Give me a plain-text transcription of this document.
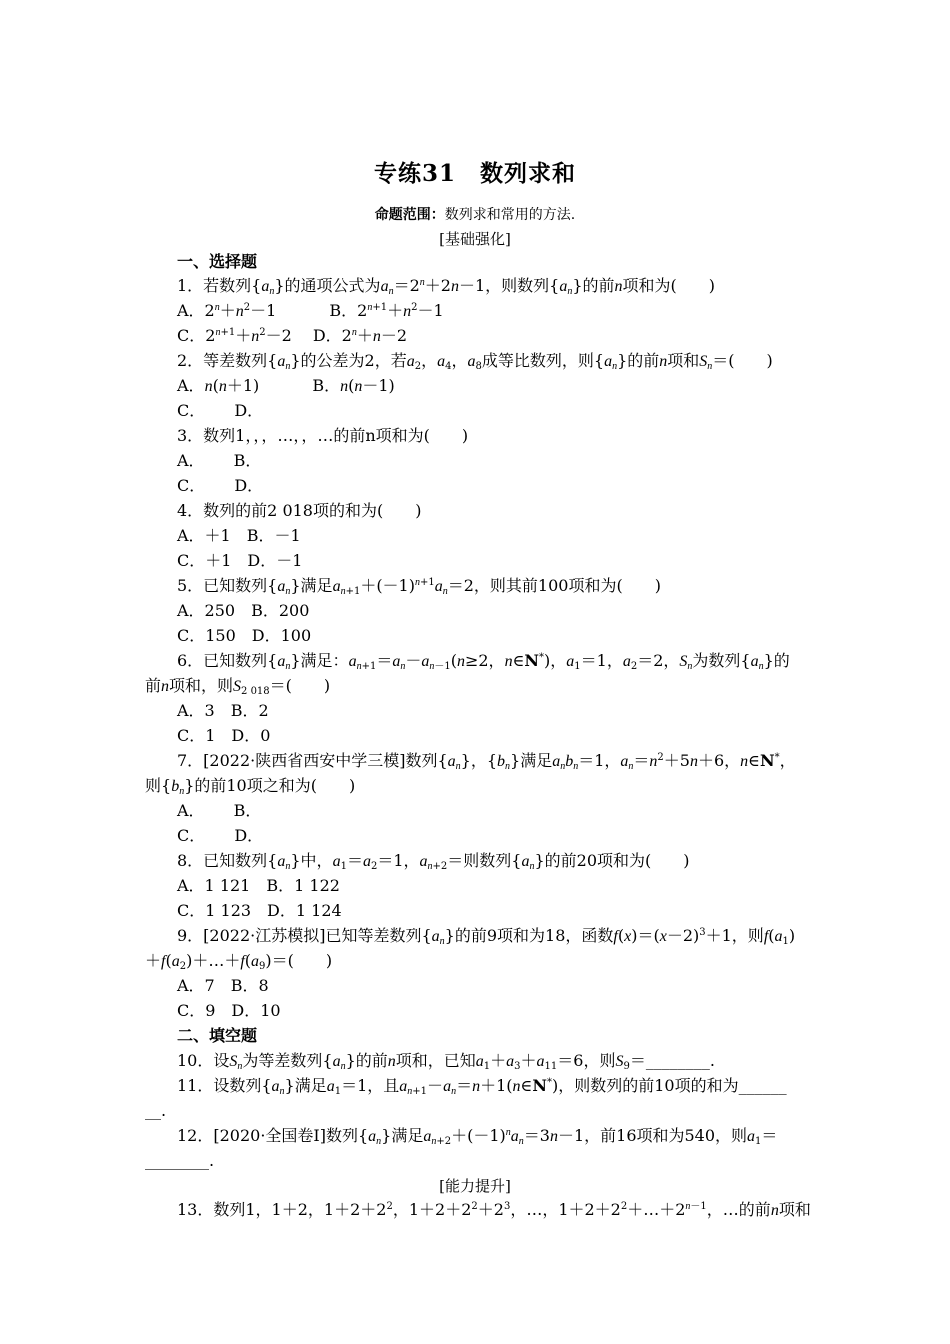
专练31　数列求和
命题范围：数列求和常用的方法.
[基础强化]
一、选择题
1．若数列$\{a_n\}$的通项公式为$a_n=2^n+2n-1$，则数列$\{a_n\}$的前n项和为(　　)
A．$2^n+n^2-1$　　　 B．$2^{n+1}+n^2-1$
C．$2^{n+1}+n^2-2$　 D．$2^n+n-2$
2．等差数列$\{a_n\}$的公差为2，若$a_2$，$a_4$，$a_8$成等比数列，则$\{a_n\}$的前n项和$S_n=$(　　)
A．n(n＋1)　　　 B．n(n－1)
C．　　 D．
3．数列1，，，…，，…的前n项和为(　　)
A．　　 B．
C．　　 D．
4．数列的前2 018项的和为(　　)
A．＋1　B．－1
C．＋1　D．－1
5．已知数列$\{a_n\}$满足$a_{n+1}+(-1)^{n+1}a_n=2$，则其前100项和为(　　)
A．250　B．200
C．150　D．100
6．已知数列$\{a_n\}$满足：$a_{n+1}=a_n-a_{n-1}(n\ge 2$，n∈N*)，$a_1=1$，$a_2=2$，$S_n$为数列$\{a_n\}$的
前n项和，则$S_{2 018}=$(　　)
A．3　B．2
C．1　D．0
7．[2022·陕西省西安中学三模]数列$\{a_n\}$，$\{b_n\}$满足$a_nb_n=1$，$a_n=n^2+5n+6$，n∈N*，
则$\{b_n\}$的前10项之和为(　　)
A．　　 B．
C．　　 D．
8．已知数列$\{a_n\}$中，$a_1=a_2=1$，$a_{n+2}=$则数列$\{a_n\}$的前20项和为(　　)
A．1 121　B．1 122
C．1 123　D．1 124
9．[2022·江苏模拟]已知等差数列$\{a_n\}$的前9项和为18，函数$f(x)=(x-2)^3+1$，则$f(a_1)$
$+f(a_2)+\dots+f(a_9)=$(　　)
A．7　B．8
C．9　D．10
二、填空题
10．设$S_n$为等差数列$\{a_n\}$的前n项和，已知$a_1+a_3+a_{11}=6$，则$S_9=\_\_\_\_\_\_\_\_$.
11．设数列$\{a_n\}$满足$a_1=1$，且$a_{n+1}-a_n=n+1(n\in N^*)$，则数列的前10项的和为______
__.
12．[2020·全国卷Ⅰ]数列$\{a_n\}$满足$a_{n+2}+(-1)^na_n=3n-1$，前16项和为540，则$a_1=$
________.
[能力提升]
13．数列1，1＋2，$1+2+2^2$，$1+2+2^2+2^3$，…，$1+2+2^2+\dots+2^{n-1}$，…的前n项和
